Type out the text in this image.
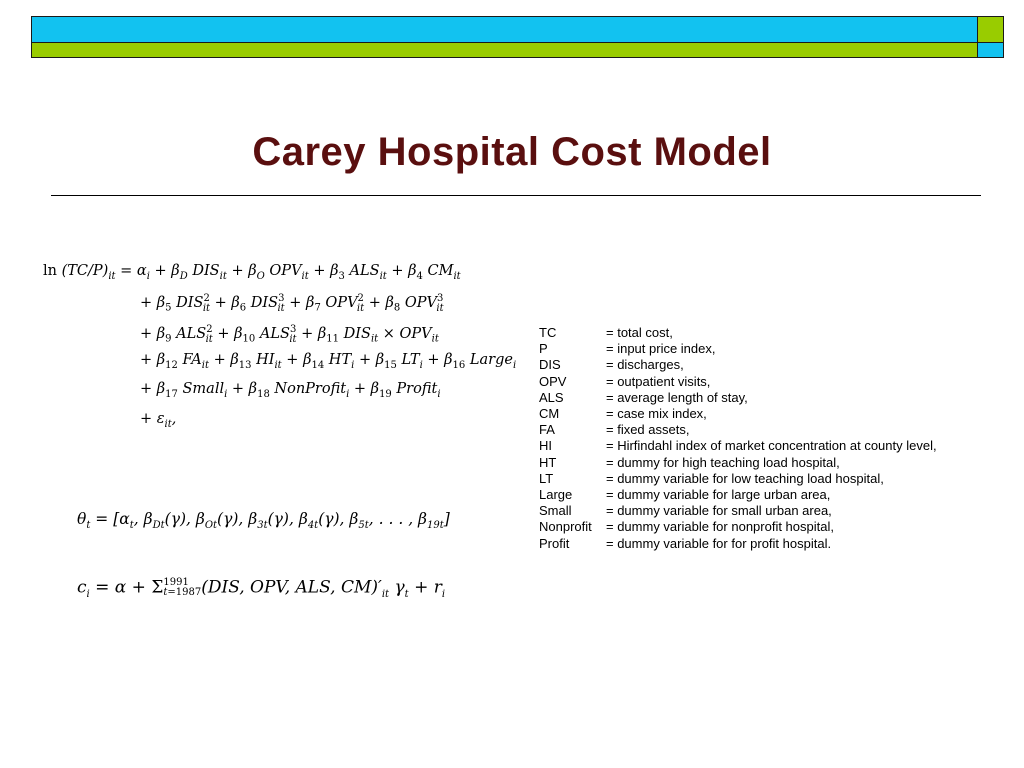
Carey Hospital Cost Model
$\ln (TC/P)_{it} = \alpha_i + \beta_D$ $DIS_{it} + \beta_O$ $OPV_{it} + \beta_3$ $ALS_{it} + \beta_4$ $CM_{it}$
+ $\beta_5$ $DIS^2_{it} + \beta_6$ $DIS^3_{it} + \beta_7$ $OPV^2_{it} + \beta_8$ $OPV^3_{it}$
+ $\beta_9$ $ALS^2_{it} + \beta_{10}$ $ALS^3_{it} + \beta_{11}$ $DIS_{it} \times OPV_{it}$
+ $\beta_{12}$ $FA_{it} + \beta_{13}$ $HI_{it} + \beta_{14}$ $HT_i + \beta_{15}$ $LT_i + \beta_{16}$ Large$_i$
+ $\beta_{17}$ Small$_i$ + $\beta_{18}$ NonProfit$_i$ + $\beta_{19}$ Profit$_i$
+ $\varepsilon_{it}$,
$\theta_t = [\alpha_t$, $\beta_{Dt}(\gamma)$, $\beta_{Ot}(\gamma)$, $\beta_{3t}(\gamma)$, $\beta_{4t}(\gamma)$, $\beta_{5t}$, . . . , $\beta_{19t}$]
$c_i = \alpha + \Sigma 1991$
t=1987(DIS, OPV, ALS, $CM)'_{it}$ $\gamma_t + r_i$
TC	= total cost,
P	= input price index,
DIS	= discharges,
OPV	= outpatient visits,
ALS	= average length of stay,
CM	= case mix index,
FA	= fixed assets,
HI	= Hirfindahl index of market concentration at county level,
HT	= dummy for high teaching load hospital,
LT	= dummy variable for low teaching load hospital,
Large	= dummy variable for large urban area,
Small	= dummy variable for small urban area,
Nonprofit	= dummy variable for nonprofit hospital,
Profit	= dummy variable for for profit hospital.
